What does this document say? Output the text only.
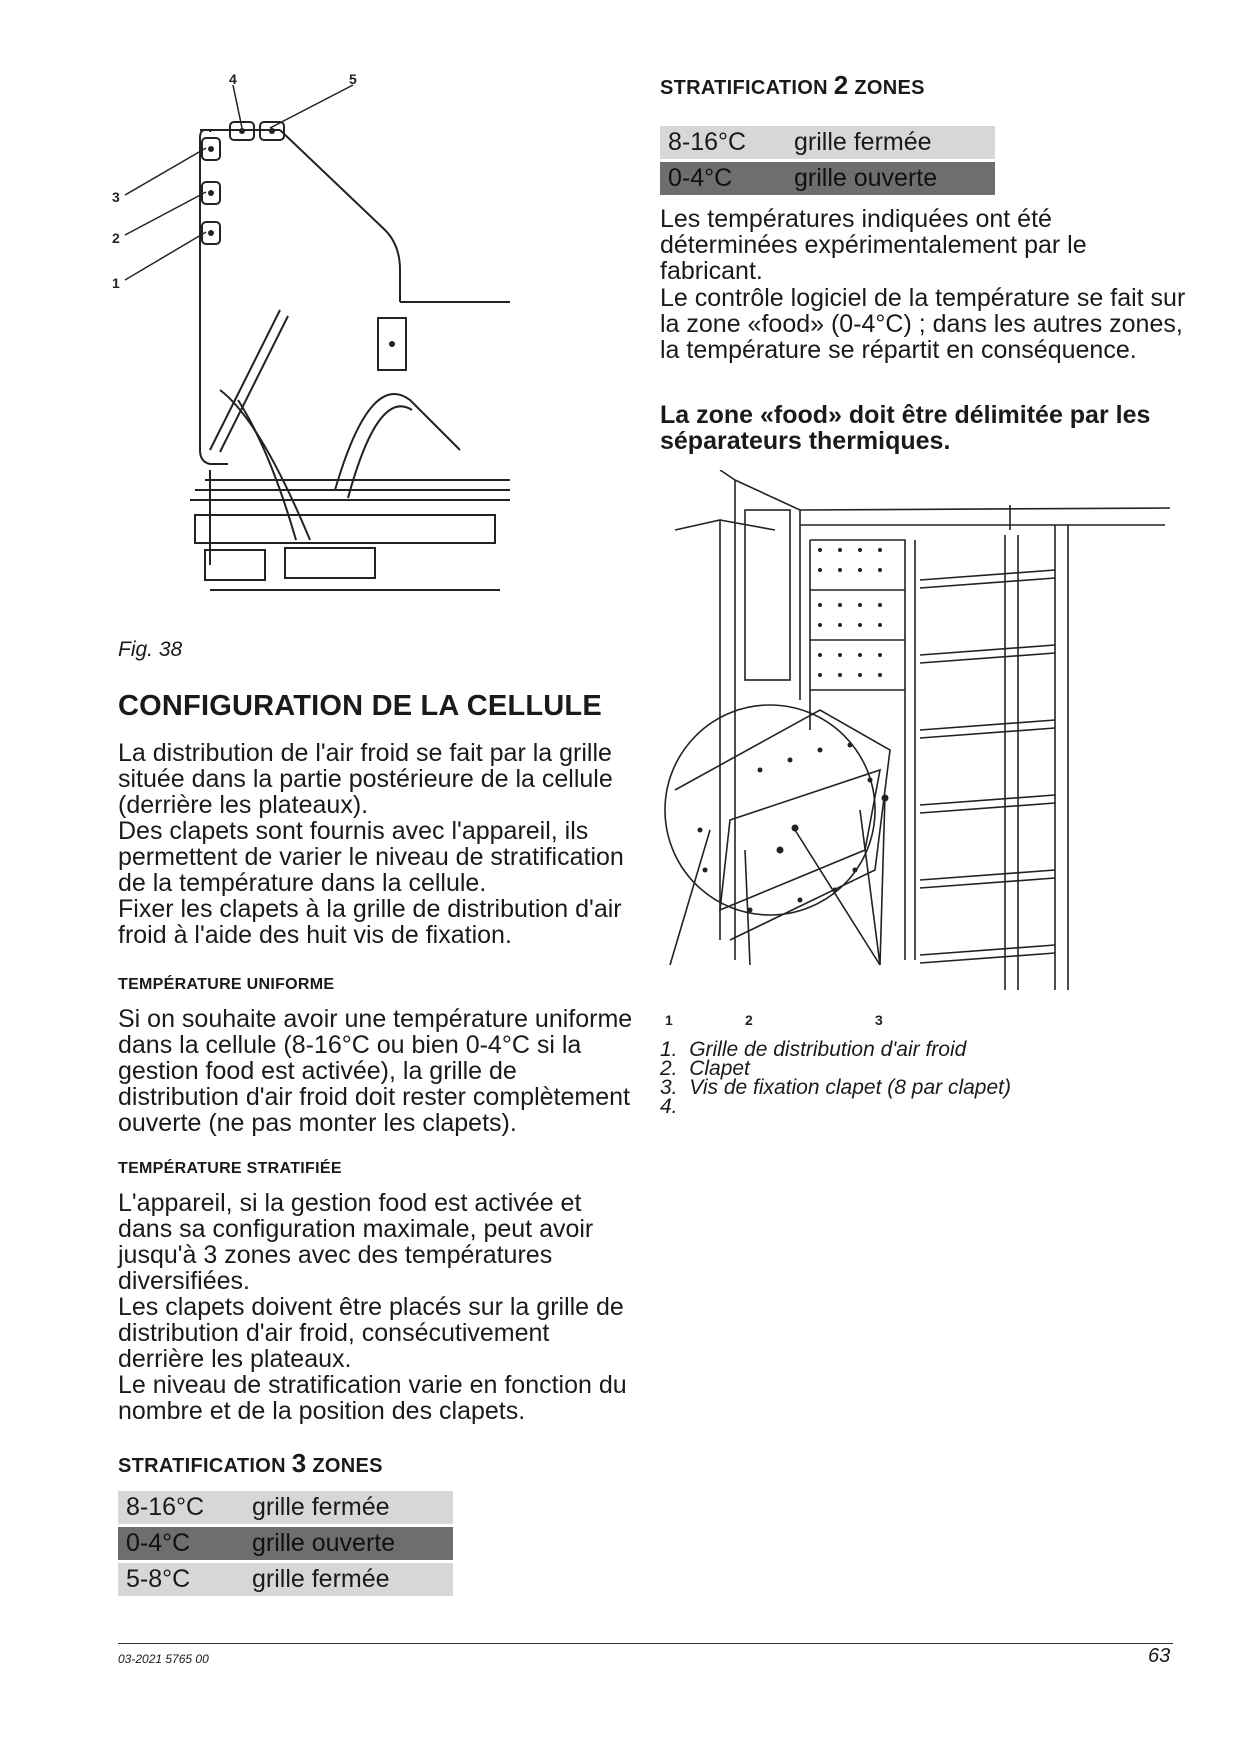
4	5
3
2
1
Fig. 38
CONFIGURATION DE LA CELLULE
La distribution de l'air froid se fait par la grille située dans la partie postérieure de la cellule (derrière les plateaux).
Des clapets sont fournis avec l'appareil, ils permettent de varier le niveau de stratification de la température dans la cellule.
Fixer les clapets à la grille de distribution d'air froid à l'aide des huit vis de fixation.
TEMPÉRATURE UNIFORME
Si on souhaite avoir une température uniforme dans la cellule (8-16°C ou bien 0-4°C si la gestion food est activée), la grille de distribution d'air froid doit rester complètement ouverte (ne pas monter les clapets).
TEMPÉRATURE STRATIFIÉE
L'appareil, si la gestion food est activée et dans sa configuration maximale, peut avoir jusqu'à 3 zones avec des températures diversifiées.
Les clapets doivent être placés sur la grille de distribution d'air froid, consécutivement derrière les plateaux.
Le niveau de stratification varie en fonction du nombre et de la position des clapets.
STRATIFICATION 3 ZONES
8-16°C	grille fermée
0-4°C	grille ouverte
5-8°C	grille fermée
STRATIFICATION 2 ZONES
8-16°C	grille fermée
0-4°C	grille ouverte
Les températures indiquées ont été déterminées expérimentalement par le fabricant.
Le contrôle logiciel de la température se fait sur la zone «food» (0-4°C) ; dans les autres zones, la température se répartit en conséquence.
La zone «food» doit être délimitée par les séparateurs thermiques.
1	2	3
1. Grille de distribution d'air froid
2. Clapet
3. Vis de fixation clapet (8 par clapet)
4.
03-2021 5765 00	63
